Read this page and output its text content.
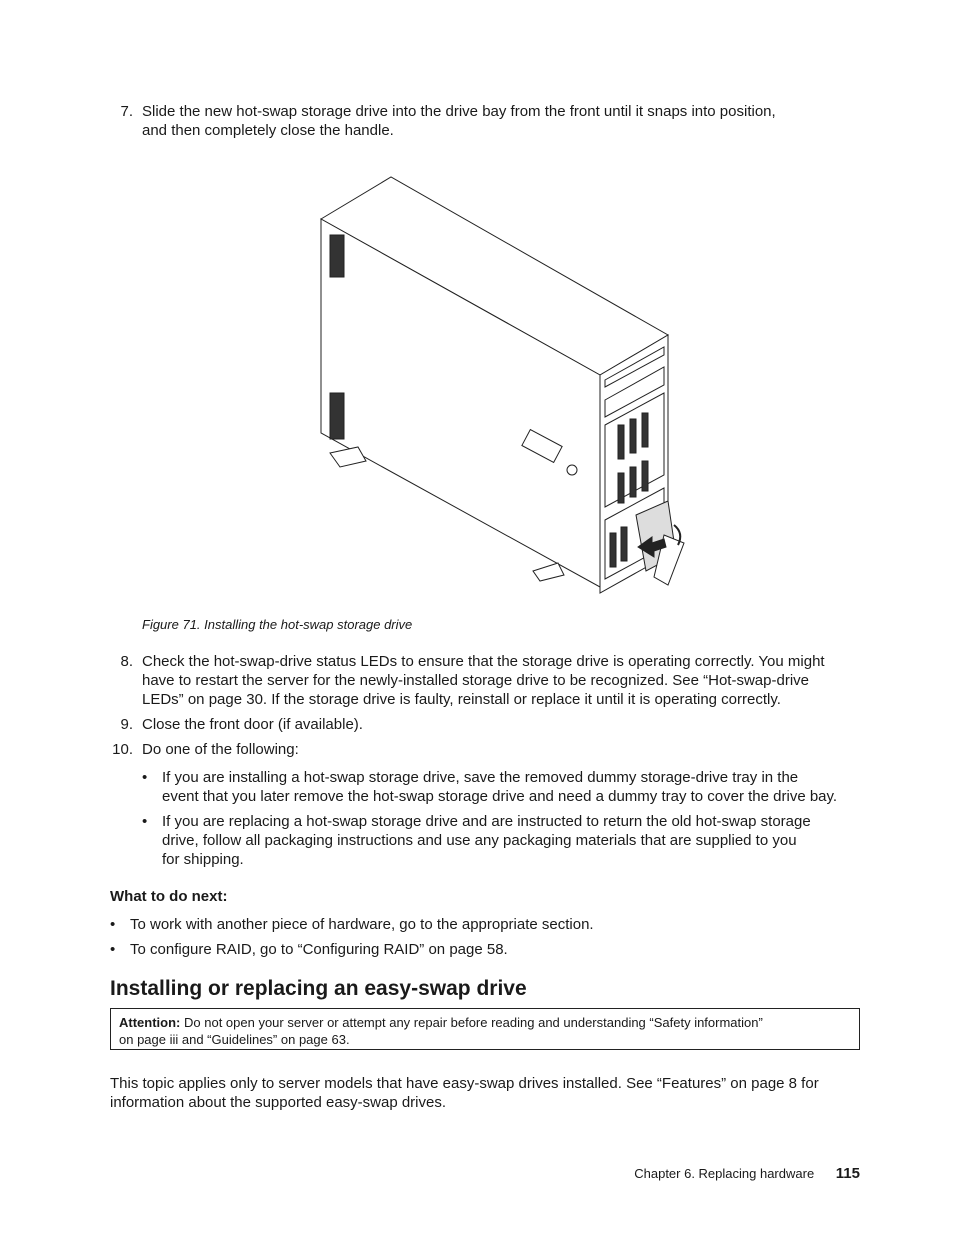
7. Slide the new hot-swap storage drive into the drive bay from the front until it snaps into position,
and then completely close the handle.
Figure 71. Installing the hot-swap storage drive
8. Check the hot-swap-drive status LEDs to ensure that the storage drive is operating correctly. You might
have to restart the server for the newly-installed storage drive to be recognized. See “Hot-swap-drive
LEDs” on page 30. If the storage drive is faulty, reinstall or replace it until it is operating correctly.
9. Close the front door (if available).
10. Do one of the following:
• If you are installing a hot-swap storage drive, save the removed dummy storage-drive tray in the
event that you later remove the hot-swap storage drive and need a dummy tray to cover the drive bay.
• If you are replacing a hot-swap storage drive and are instructed to return the old hot-swap storage
drive, follow all packaging instructions and use any packaging materials that are supplied to you
for shipping.
What to do next:
• To work with another piece of hardware, go to the appropriate section.
• To configure RAID, go to “Configuring RAID” on page 58.
Installing or replacing an easy-swap drive
Attention: Do not open your server or attempt any repair before reading and understanding “Safety information”
on page iii and “Guidelines” on page 63.
This topic applies only to server models that have easy-swap drives installed. See “Features” on page 8 for
information about the supported easy-swap drives.
Chapter 6. Replacing hardware 115
